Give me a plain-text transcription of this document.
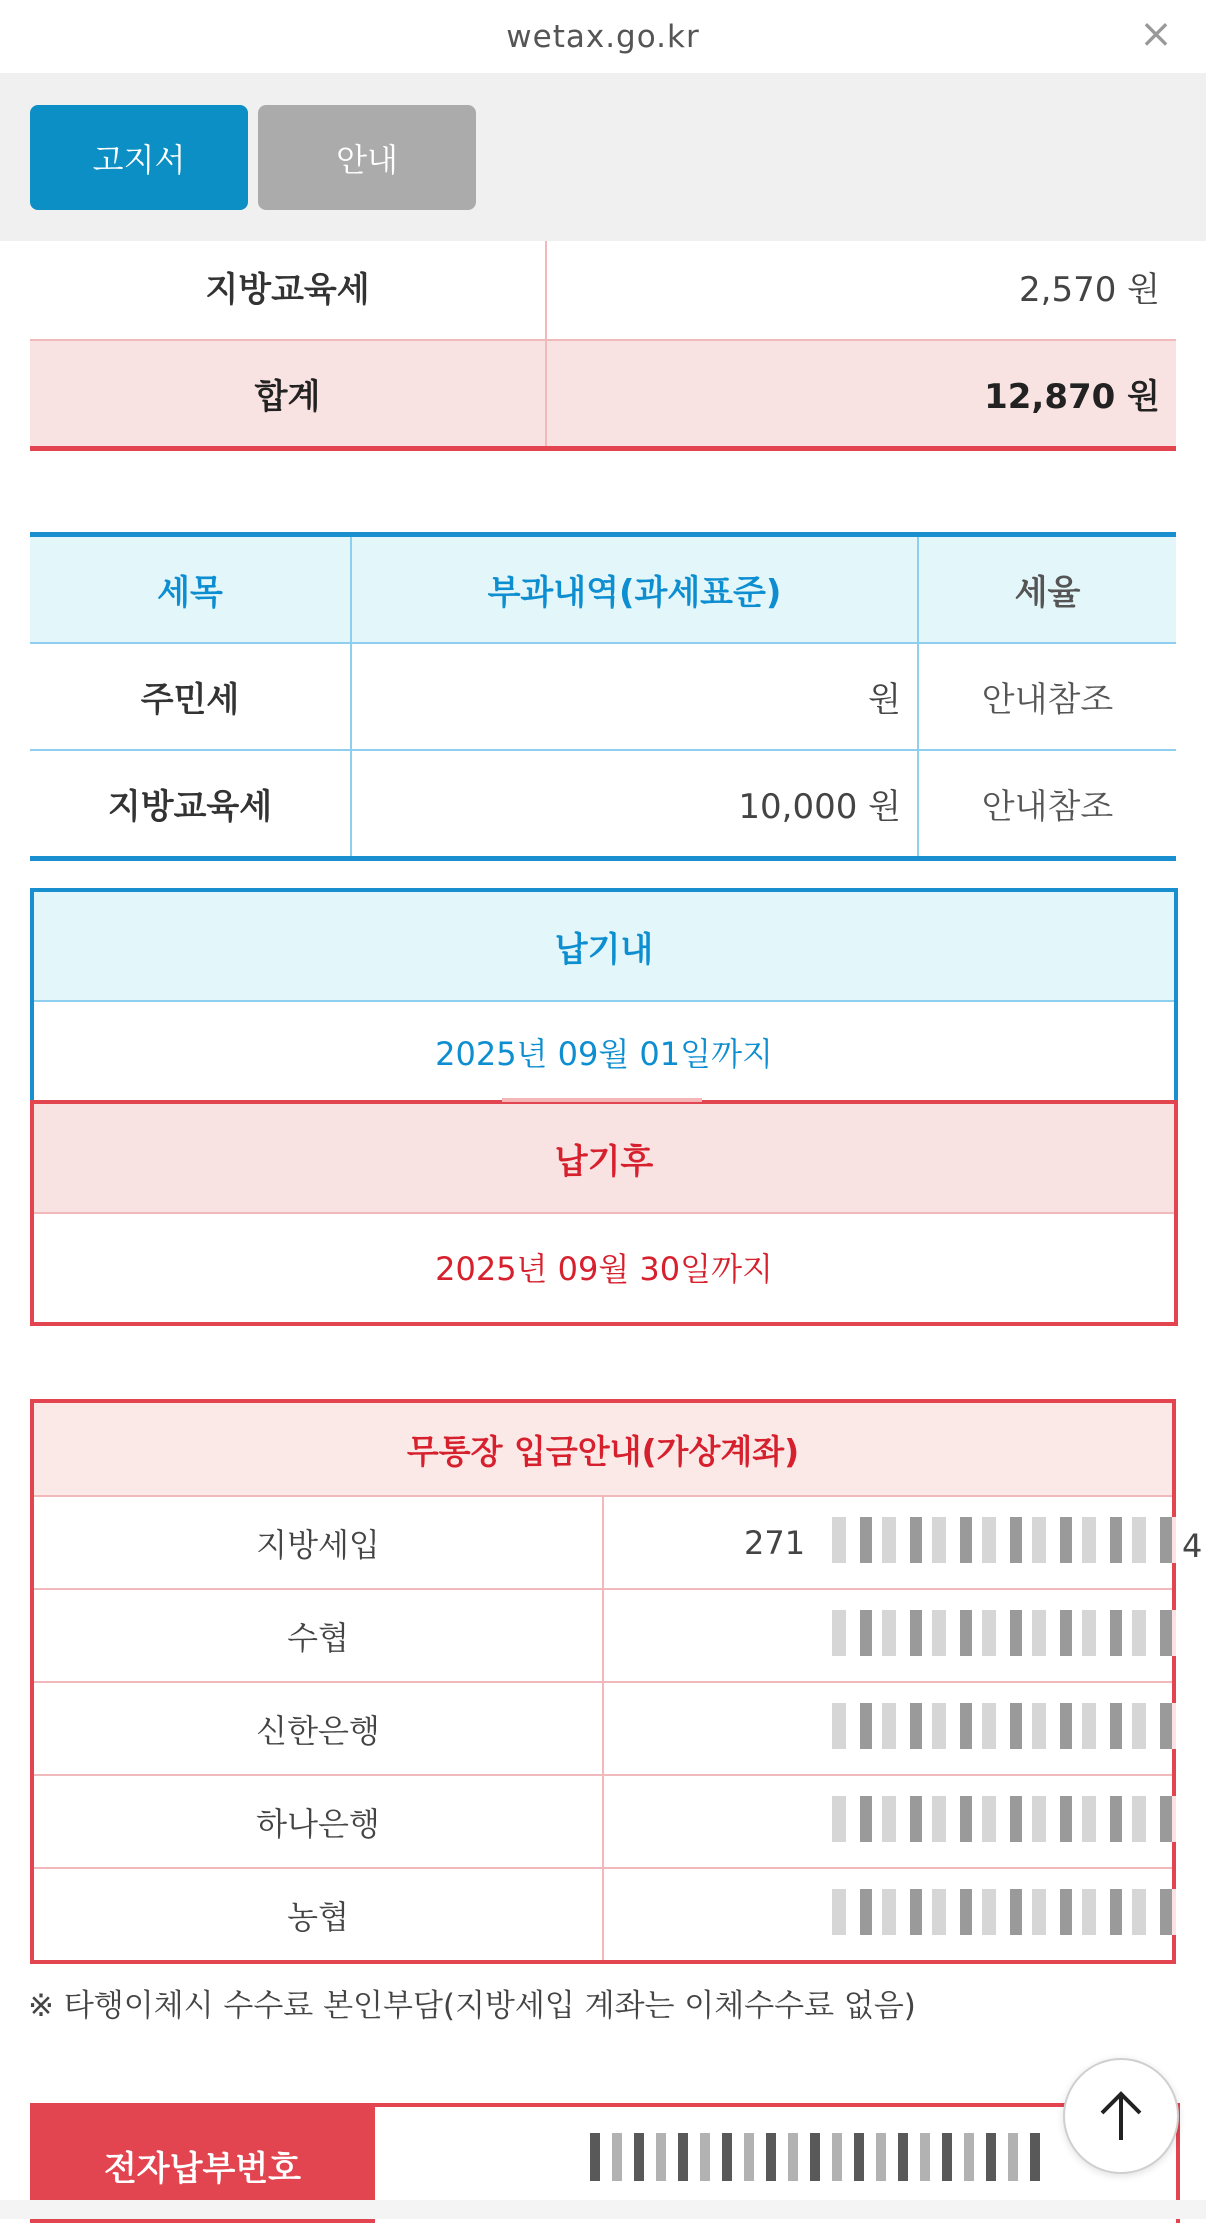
wetax.go.kr	×

지방교육세	2,570 원
합계	12,870 원
고지서	안내
세목	부과내역(과세표준)	세율
주민세	원	안내참조
지방교육세	10,000 원	안내참조
납기내
2025년 09월 01일까지
납기후
2025년 09월 30일까지
무통장 입금안내(가상계좌)	
지방세입	271 4

수협	

신한은행	

하나은행	

농협	
※ 타행이체시 수수료 본인부담(지방세입 계좌는 이체수수료 없음)
전자납부번호
